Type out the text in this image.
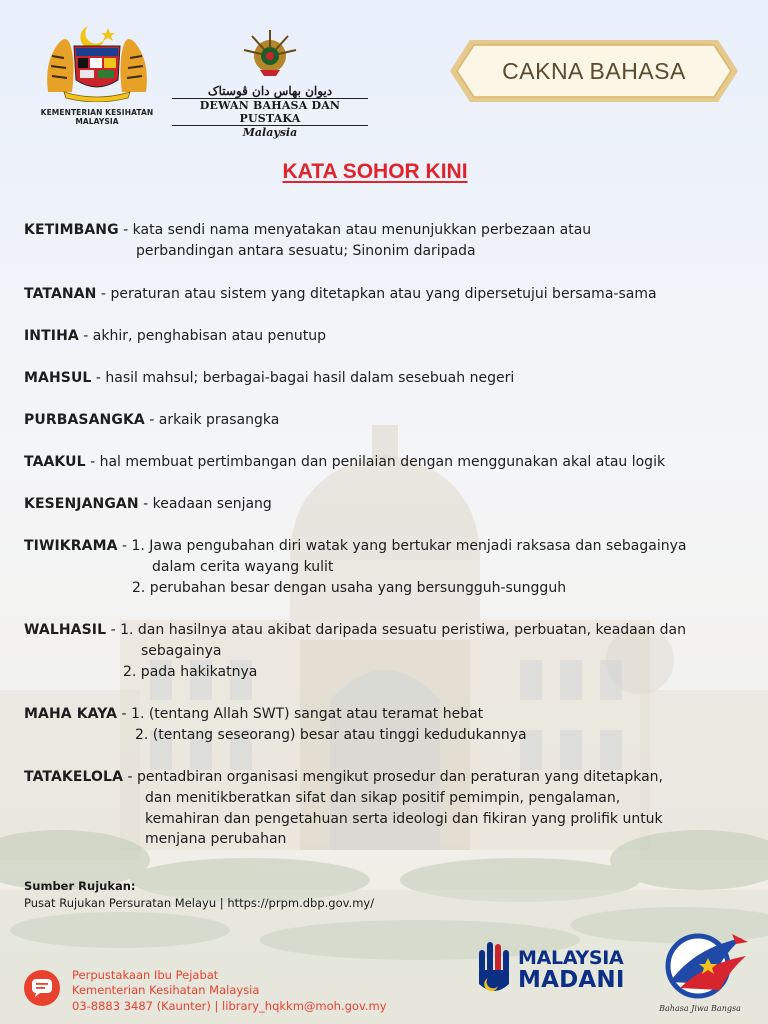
KEMENTERIAN KESIHATAN MALAYSIA
ديوان بهاس دان ڤوستاک
DEWAN BAHASA DAN PUSTAKA
Malaysia
CAKNA BAHASA
KATA SOHOR KINI
KETIMBANG - kata sendi nama menyatakan atau menunjukkan perbezaan atau
perbandingan antara sesuatu; Sinonim daripada
TATANAN - peraturan atau sistem yang ditetapkan atau yang dipersetujui bersama-sama
INTIHA - akhir, penghabisan atau penutup
MAHSUL - hasil mahsul; berbagai-bagai hasil dalam sesebuah negeri
PURBASANGKA - arkaik prasangka
TAAKUL - hal membuat pertimbangan dan penilaian dengan menggunakan akal atau logik
KESENJANGAN - keadaan senjang
TIWIKRAMA - 1. Jawa pengubahan diri watak yang bertukar menjadi raksasa dan sebagainya
dalam cerita wayang kulit
2. perubahan besar dengan usaha yang bersungguh-sungguh
WALHASIL - 1. dan hasilnya atau akibat daripada sesuatu peristiwa, perbuatan, keadaan dan
sebagainya
2. pada hakikatnya
MAHA KAYA - 1. (tentang Allah SWT) sangat atau teramat hebat
2. (tentang seseorang) besar atau tinggi kedudukannya
TATAKELOLA - pentadbiran organisasi mengikut prosedur dan peraturan yang ditetapkan,
dan menitikberatkan sifat dan sikap positif pemimpin, pengalaman,
kemahiran dan pengetahuan serta ideologi dan fikiran yang prolifik untuk
menjana perubahan
Sumber Rujukan:
Pusat Rujukan Persuratan Melayu | https://prpm.dbp.gov.my/
Perpustakaan Ibu Pejabat
Kementerian Kesihatan Malaysia
03-8883 3487 (Kaunter) | library_hqkkm@moh.gov.my
MALAYSIA
MADANI
Bahasa Jiwa Bangsa
